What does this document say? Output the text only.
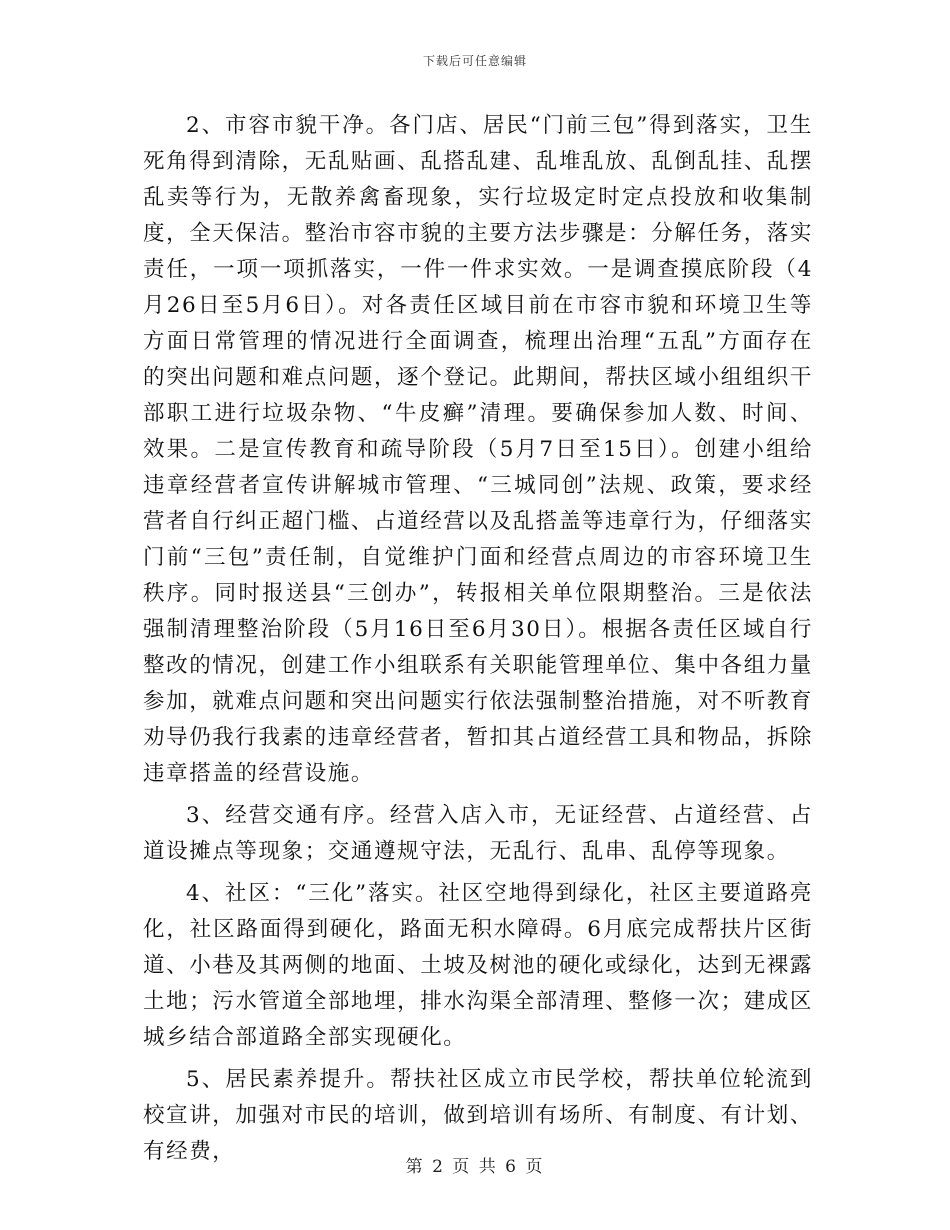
下载后可任意编辑

2、市容市貌干净。各门店、居民“门前三包”得到落实，卫生死角得到清除，无乱贴画、乱搭乱建、乱堆乱放、乱倒乱挂、乱摆乱卖等行为，无散养禽畜现象，实行垃圾定时定点投放和收集制度，全天保洁。整治市容市貌的主要方法步骤是：分解任务，落实责任，一项一项抓落实，一件一件求实效。一是调查摸底阶段（4月26日至5月6日）。对各责任区域目前在市容市貌和环境卫生等方面日常管理的情况进行全面调查，梳理出治理“五乱”方面存在的突出问题和难点问题，逐个登记。此期间，帮扶区域小组组织干部职工进行垃圾杂物、“牛皮癣”清理。要确保参加人数、时间、效果。二是宣传教育和疏导阶段（5月7日至15日）。创建小组给违章经营者宣传讲解城市管理、“三城同创”法规、政策，要求经营者自行纠正超门槛、占道经营以及乱搭盖等违章行为，仔细落实门前“三包”责任制，自觉维护门面和经营点周边的市容环境卫生秩序。同时报送县“三创办”，转报相关单位限期整治。三是依法强制清理整治阶段（5月16日至6月30日）。根据各责任区域自行整改的情况，创建工作小组联系有关职能管理单位、集中各组力量参加，就难点问题和突出问题实行依法强制整治措施，对不听教育劝导仍我行我素的违章经营者，暂扣其占道经营工具和物品，拆除违章搭盖的经营设施。

3、经营交通有序。经营入店入市，无证经营、占道经营、占道设摊点等现象；交通遵规守法，无乱行、乱串、乱停等现象。

4、社区：“三化”落实。社区空地得到绿化，社区主要道路亮化，社区路面得到硬化，路面无积水障碍。6月底完成帮扶片区街道、小巷及其两侧的地面、土坡及树池的硬化或绿化，达到无裸露土地；污水管道全部地埋，排水沟渠全部清理、整修一次；建成区城乡结合部道路全部实现硬化。

5、居民素养提升。帮扶社区成立市民学校，帮扶单位轮流到校宣讲，加强对市民的培训，做到培训有场所、有制度、有计划、有经费，

第 2 页 共 6 页
